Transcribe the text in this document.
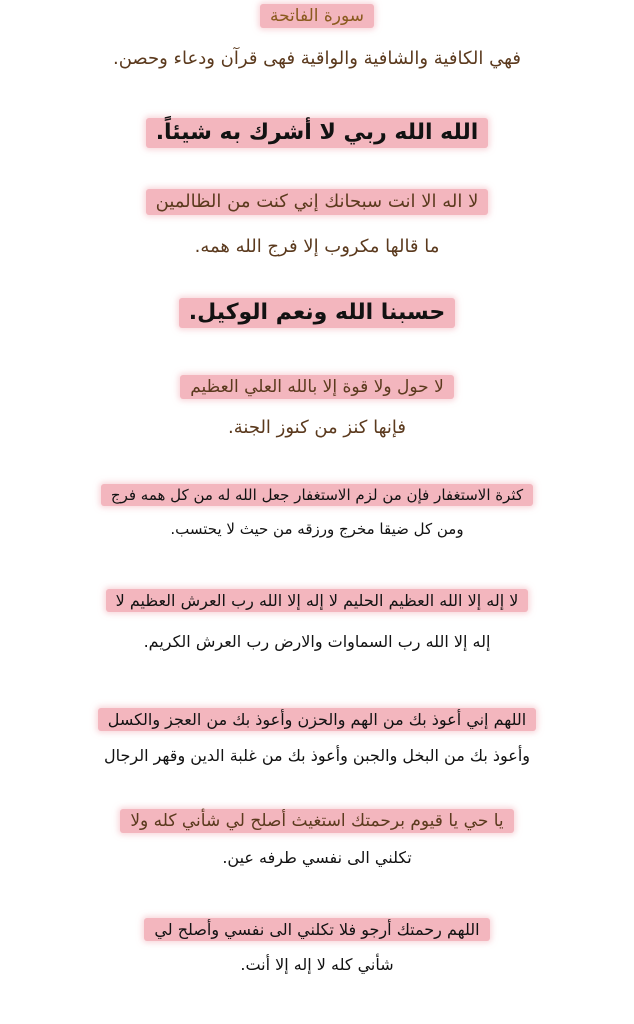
سورة الفاتحة

فهي الكافية والشافية والواقية فهى قرآن ودعاء وحصن.

الله الله ربي لا أشرك به شيئاً.

لا اله الا انت سبحانك إني كنت من الظالمين

ما قالها مكروب إلا فرج الله همه.

حسبنا الله ونعم الوكيل.

لا حول ولا قوة إلا بالله العلي العظيم

فإنها كنز من كنوز الجنة.

كثرة الاستغفار فإن من لزم الاستغفار جعل الله له من كل همه فرج

ومن كل ضيقا مخرج ورزقه من حيث لا يحتسب.

لا إله إلا الله العظيم الحليم لا إله إلا الله رب العرش العظيم لا

إله إلا الله رب السماوات والارض رب العرش الكريم.

اللهم إني أعوذ بك من الهم والحزن وأعوذ بك من العجز والكسل

وأعوذ بك من البخل والجبن وأعوذ بك من غلبة الدين وقهر الرجال

يا حي يا قيوم برحمتك استغيث أصلح لي شأني كله ولا

تكلني الى نفسي طرفه عين.

اللهم رحمتك أرجو فلا تكلني الى نفسي وأصلح لي

شأني كله لا إله إلا أنت.
